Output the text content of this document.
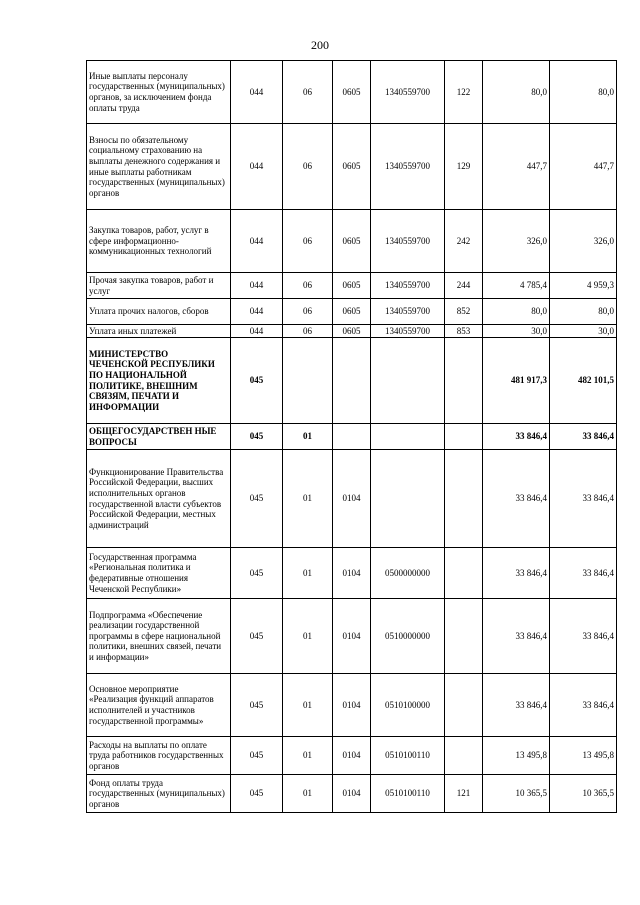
200
Иные выплаты персоналу государственных (муниципальных) органов, за исключением фонда оплаты труда	044	06	0605	1340559700	122	80,0	80,0
Взносы по обязательному социальному страхованию на выплаты денежного содержания и иные выплаты работникам государственных (муниципальных) органов	044	06	0605	1340559700	129	447,7	447,7
Закупка товаров, работ, услуг в сфере информационно-коммуникационных технологий	044	06	0605	1340559700	242	326,0	326,0
Прочая закупка товаров, работ и услуг	044	06	0605	1340559700	244	4 785,4	4 959,3
Уплата прочих налогов, сборов	044	06	0605	1340559700	852	80,0	80,0
Уплата иных платежей	044	06	0605	1340559700	853	30,0	30,0
МИНИСТЕРСТВО ЧЕЧЕНСКОЙ РЕСПУБЛИКИ ПО НАЦИОНАЛЬНОЙ ПОЛИТИКЕ, ВНЕШНИМ СВЯЗЯМ, ПЕЧАТИ И ИНФОРМАЦИИ	045					481 917,3	482 101,5
ОБЩЕГОСУДАРСТВЕН НЫЕ ВОПРОСЫ	045	01				33 846,4	33 846,4
Функционирование Правительства Российской Федерации, высших исполнительных органов государственной власти субъектов Российской Федерации, местных администраций	045	01	0104			33 846,4	33 846,4
Государственная программа «Региональная политика и федеративные отношения Чеченской Республики»	045	01	0104	0500000000		33 846,4	33 846,4
Подпрограмма «Обеспечение реализации государственной программы в сфере национальной политики, внешних связей, печати и информации»	045	01	0104	0510000000		33 846,4	33 846,4
Основное мероприятие «Реализация функций аппаратов исполнителей и участников государственной программы»	045	01	0104	0510100000		33 846,4	33 846,4
Расходы на выплаты по оплате труда работников государственных органов	045	01	0104	0510100110		13 495,8	13 495,8
Фонд оплаты труда государственных (муниципальных) органов	045	01	0104	0510100110	121	10 365,5	10 365,5
